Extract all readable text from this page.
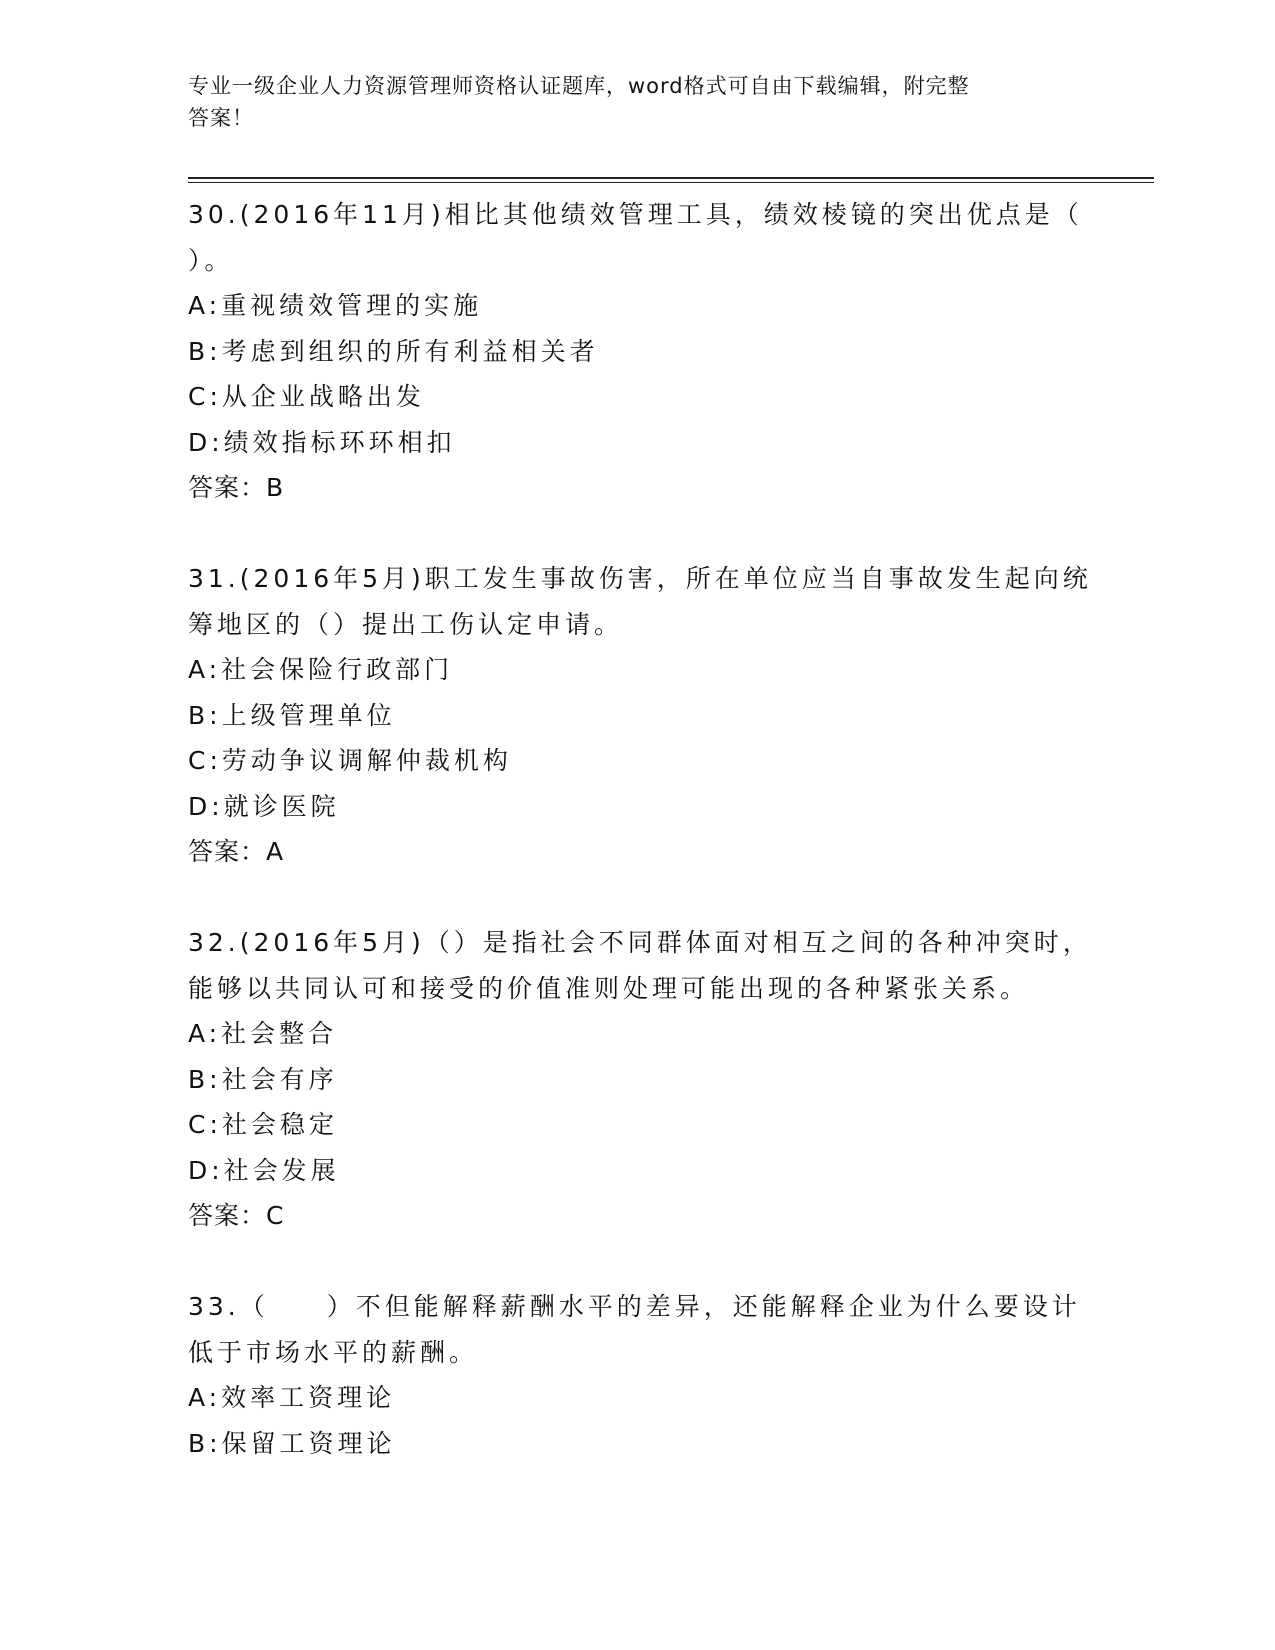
专业一级企业人力资源管理师资格认证题库，word格式可自由下载编辑，附完整
答案！
30.(2016年11月)相比其他绩效管理工具，绩效棱镜的突出优点是（
）。
A:重视绩效管理的实施
B:考虑到组织的所有利益相关者
C:从企业战略出发
D:绩效指标环环相扣
答案：B
31.(2016年5月)职工发生事故伤害，所在单位应当自事故发生起向统
筹地区的（）提出工伤认定申请。
A:社会保险行政部门
B:上级管理单位
C:劳动争议调解仲裁机构
D:就诊医院
答案：A
32.(2016年5月)（）是指社会不同群体面对相互之间的各种冲突时，
能够以共同认可和接受的价值准则处理可能出现的各种紧张关系。
A:社会整合
B:社会有序
C:社会稳定
D:社会发展
答案：C
33.（　　）不但能解释薪酬水平的差异，还能解释企业为什么要设计
低于市场水平的薪酬。
A:效率工资理论
B:保留工资理论
